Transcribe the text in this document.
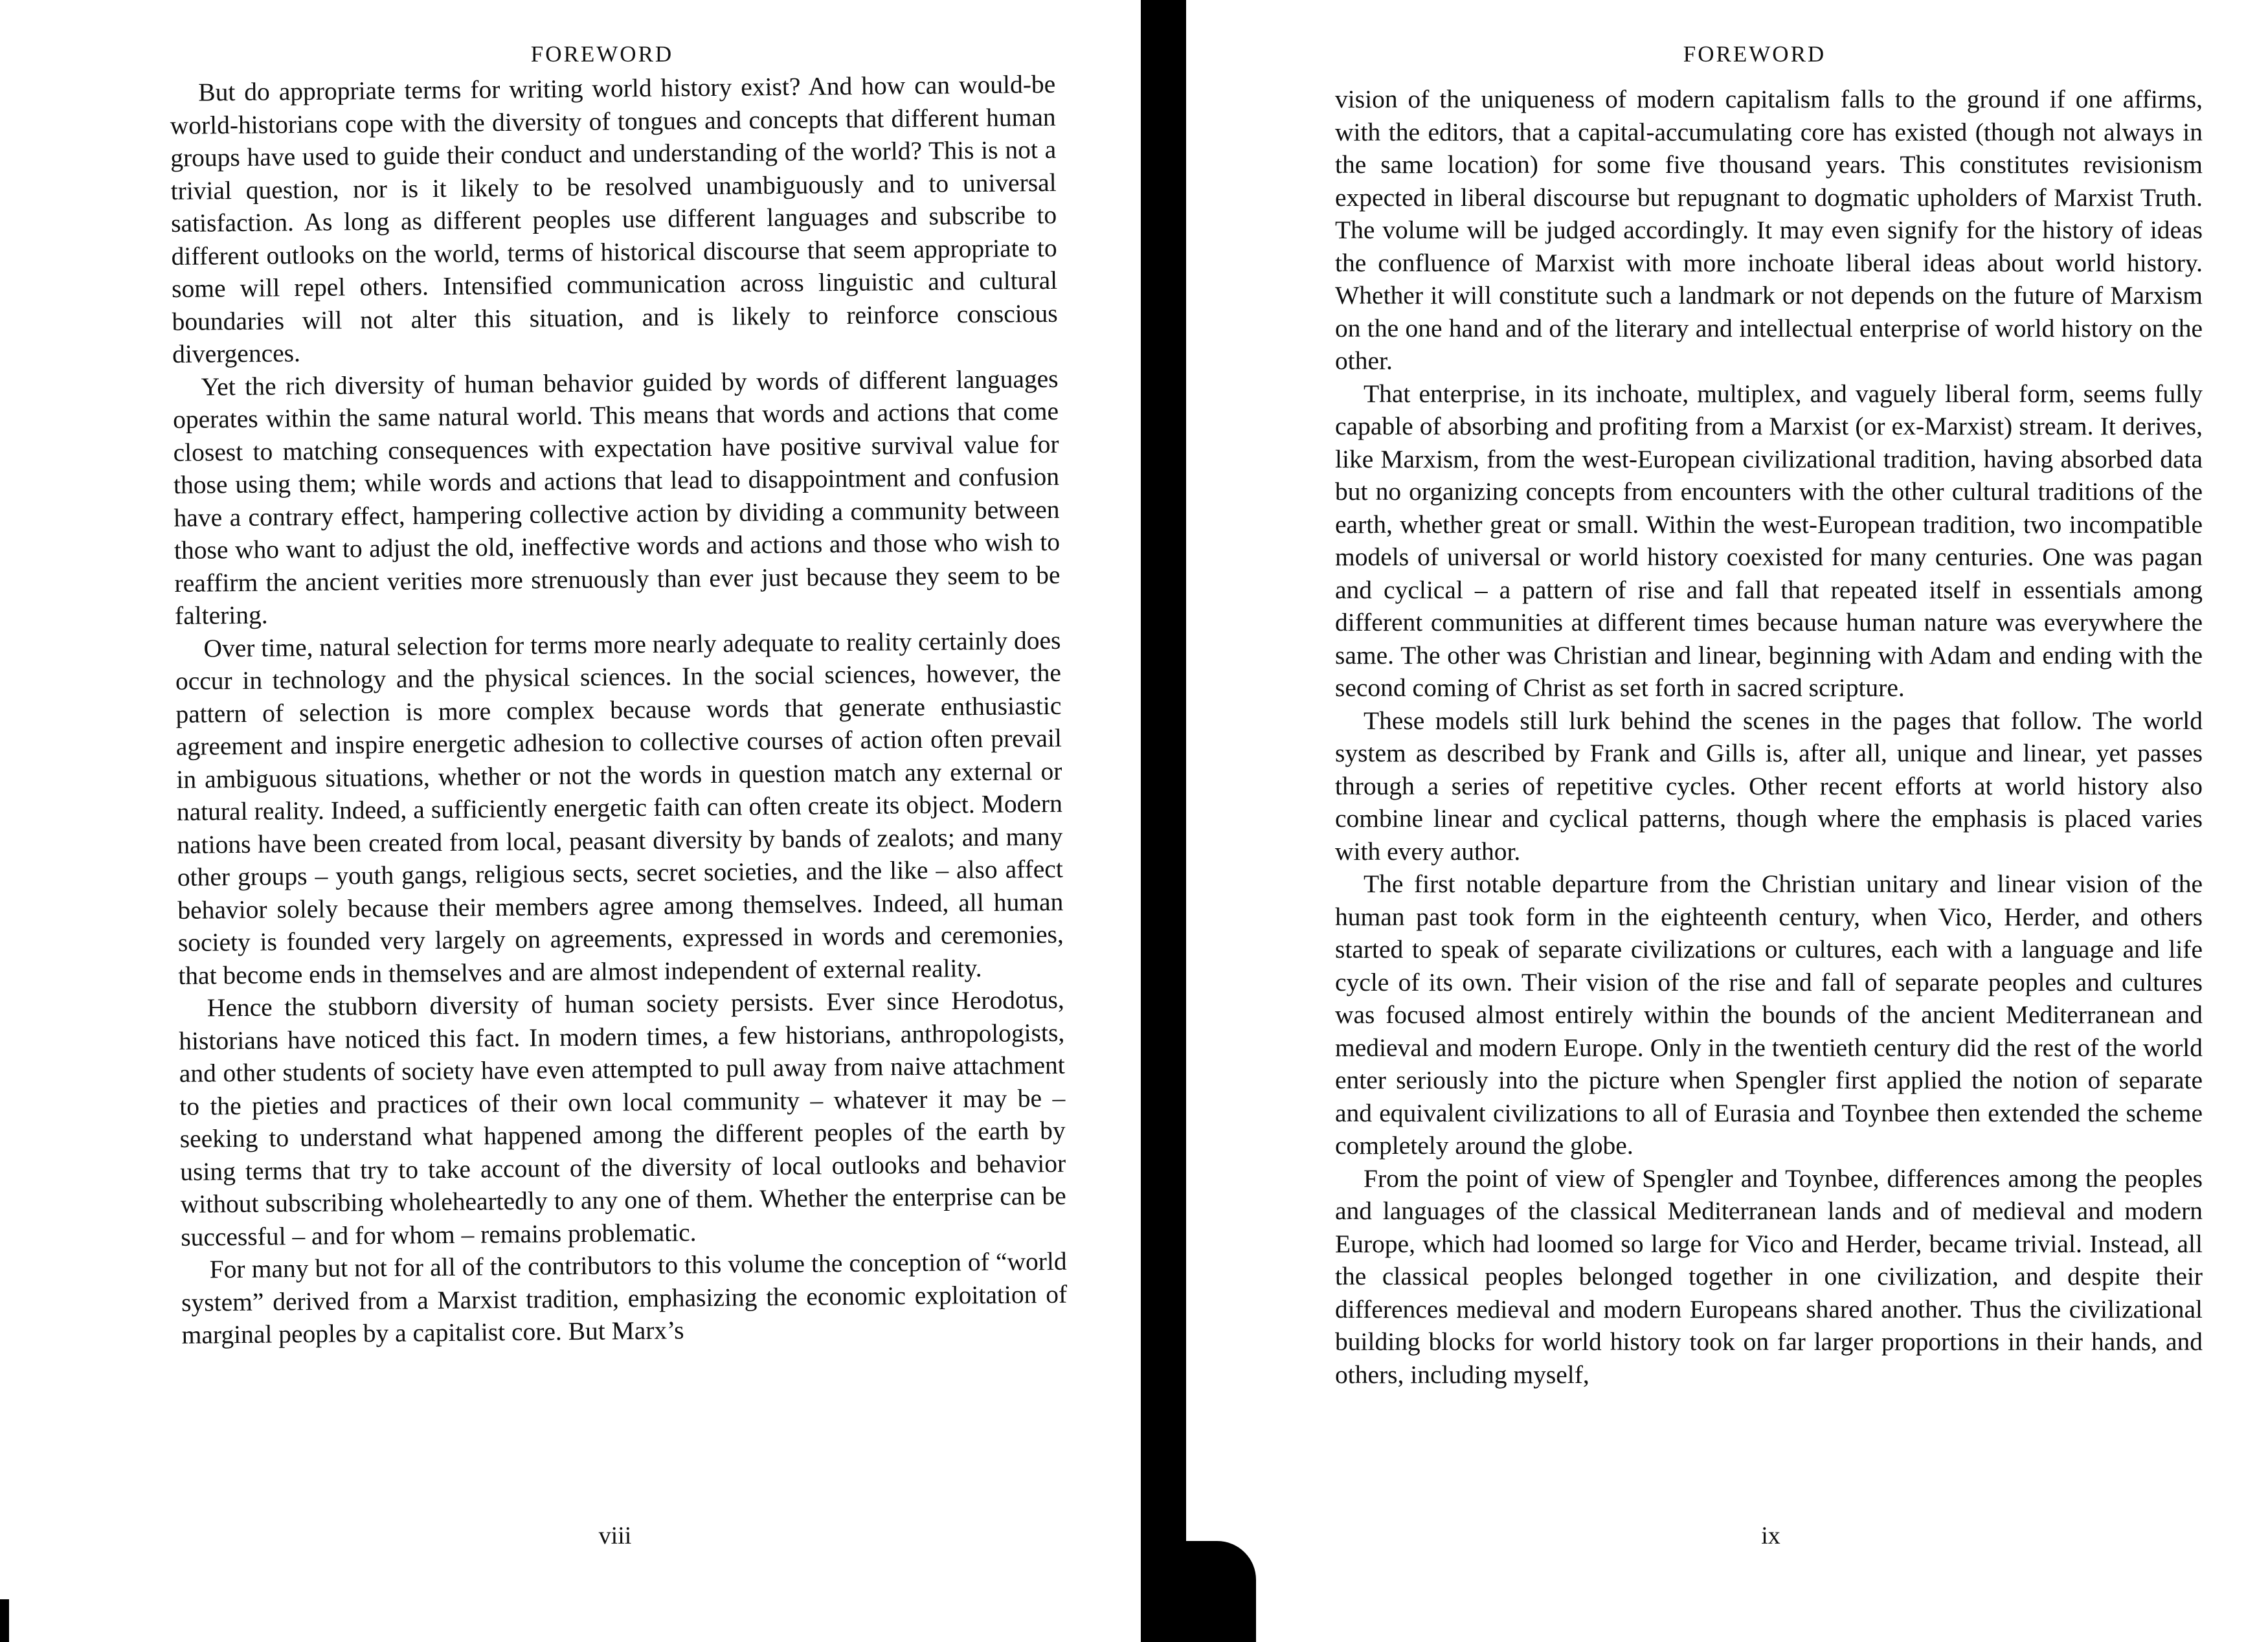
FOREWORD

But do appropriate terms for writing world history exist? And how can would-be world-historians cope with the diversity of tongues and concepts that different human groups have used to guide their conduct and understanding of the world? This is not a trivial question, nor is it likely to be resolved unambiguously and to universal satisfaction. As long as different peoples use different languages and subscribe to different outlooks on the world, terms of historical discourse that seem appropriate to some will repel others. Intensified communication across linguistic and cultural boundaries will not alter this situation, and is likely to reinforce conscious divergences.

Yet the rich diversity of human behavior guided by words of different languages operates within the same natural world. This means that words and actions that come closest to matching consequences with expectation have positive survival value for those using them; while words and actions that lead to disappointment and confusion have a contrary effect, hampering collective action by dividing a community between those who want to adjust the old, ineffective words and actions and those who wish to reaffirm the ancient verities more strenuously than ever just because they seem to be faltering.

Over time, natural selection for terms more nearly adequate to reality certainly does occur in technology and the physical sciences. In the social sciences, however, the pattern of selection is more complex because words that generate enthusiastic agreement and inspire energetic adhesion to collective courses of action often prevail in ambiguous situations, whether or not the words in question match any external or natural reality. Indeed, a sufficiently energetic faith can often create its object. Modern nations have been created from local, peasant diversity by bands of zealots; and many other groups – youth gangs, religious sects, secret societies, and the like – also affect behavior solely because their members agree among themselves. Indeed, all human society is founded very largely on agreements, expressed in words and ceremonies, that become ends in themselves and are almost independent of external reality.

Hence the stubborn diversity of human society persists. Ever since Herodotus, historians have noticed this fact. In modern times, a few historians, anthropologists, and other students of society have even attempted to pull away from naive attachment to the pieties and practices of their own local community – whatever it may be – seeking to understand what happened among the different peoples of the earth by using terms that try to take account of the diversity of local outlooks and behavior without subscribing wholeheartedly to any one of them. Whether the enterprise can be successful – and for whom – remains problematic.

For many but not for all of the contributors to this volume the conception of “world system” derived from a Marxist tradition, emphasizing the economic exploitation of marginal peoples by a capitalist core. But Marx’s

viii
FOREWORD

vision of the uniqueness of modern capitalism falls to the ground if one affirms, with the editors, that a capital-accumulating core has existed (though not always in the same location) for some five thousand years. This constitutes revisionism expected in liberal discourse but repugnant to dogmatic upholders of Marxist Truth. The volume will be judged accordingly. It may even signify for the history of ideas the confluence of Marxist with more inchoate liberal ideas about world history. Whether it will constitute such a landmark or not depends on the future of Marxism on the one hand and of the literary and intellectual enterprise of world history on the other.

That enterprise, in its inchoate, multiplex, and vaguely liberal form, seems fully capable of absorbing and profiting from a Marxist (or ex-Marxist) stream. It derives, like Marxism, from the west-European civilizational tradition, having absorbed data but no organizing concepts from encounters with the other cultural traditions of the earth, whether great or small. Within the west-European tradition, two incompatible models of universal or world history coexisted for many centuries. One was pagan and cyclical – a pattern of rise and fall that repeated itself in essentials among different communities at different times because human nature was everywhere the same. The other was Christian and linear, beginning with Adam and ending with the second coming of Christ as set forth in sacred scripture.

These models still lurk behind the scenes in the pages that follow. The world system as described by Frank and Gills is, after all, unique and linear, yet passes through a series of repetitive cycles. Other recent efforts at world history also combine linear and cyclical patterns, though where the emphasis is placed varies with every author.

The first notable departure from the Christian unitary and linear vision of the human past took form in the eighteenth century, when Vico, Herder, and others started to speak of separate civilizations or cultures, each with a language and life cycle of its own. Their vision of the rise and fall of separate peoples and cultures was focused almost entirely within the bounds of the ancient Mediterranean and medieval and modern Europe. Only in the twentieth century did the rest of the world enter seriously into the picture when Spengler first applied the notion of separate and equivalent civilizations to all of Eurasia and Toynbee then extended the scheme completely around the globe.

From the point of view of Spengler and Toynbee, differences among the peoples and languages of the classical Mediterranean lands and of medieval and modern Europe, which had loomed so large for Vico and Herder, became trivial. Instead, all the classical peoples belonged together in one civilization, and despite their differences medieval and modern Europeans shared another. Thus the civilizational building blocks for world history took on far larger proportions in their hands, and others, including myself,

ix
